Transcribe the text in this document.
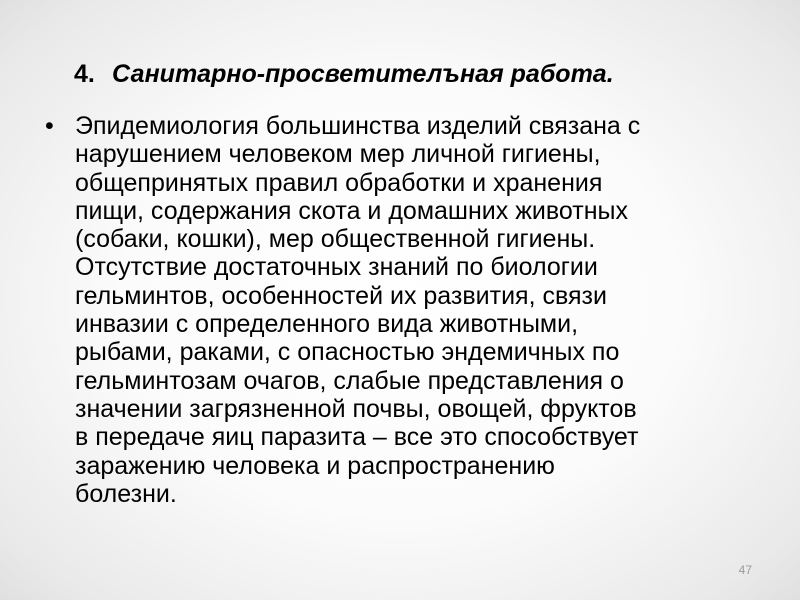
4. Санитарно-просветителъная работа.
• Эпидемиология большинства изделий связана с
нарушением человеком мер личной гигиены,
общепринятых правил обработки и хранения
пищи, содержания скота и домашних животных
(собаки, кошки), мер общественной гигиены.
Отсутствие достаточных знаний по биологии
гельминтов, особенностей их развития, связи
инвазии с определенного вида животными,
рыбами, раками, с опасностью эндемичных по
гельминтозам очагов, слабые представления о
значении загрязненной почвы, овощей, фруктов
в передаче яиц паразита – все это способствует
заражению человека и распространению
болезни.
47
